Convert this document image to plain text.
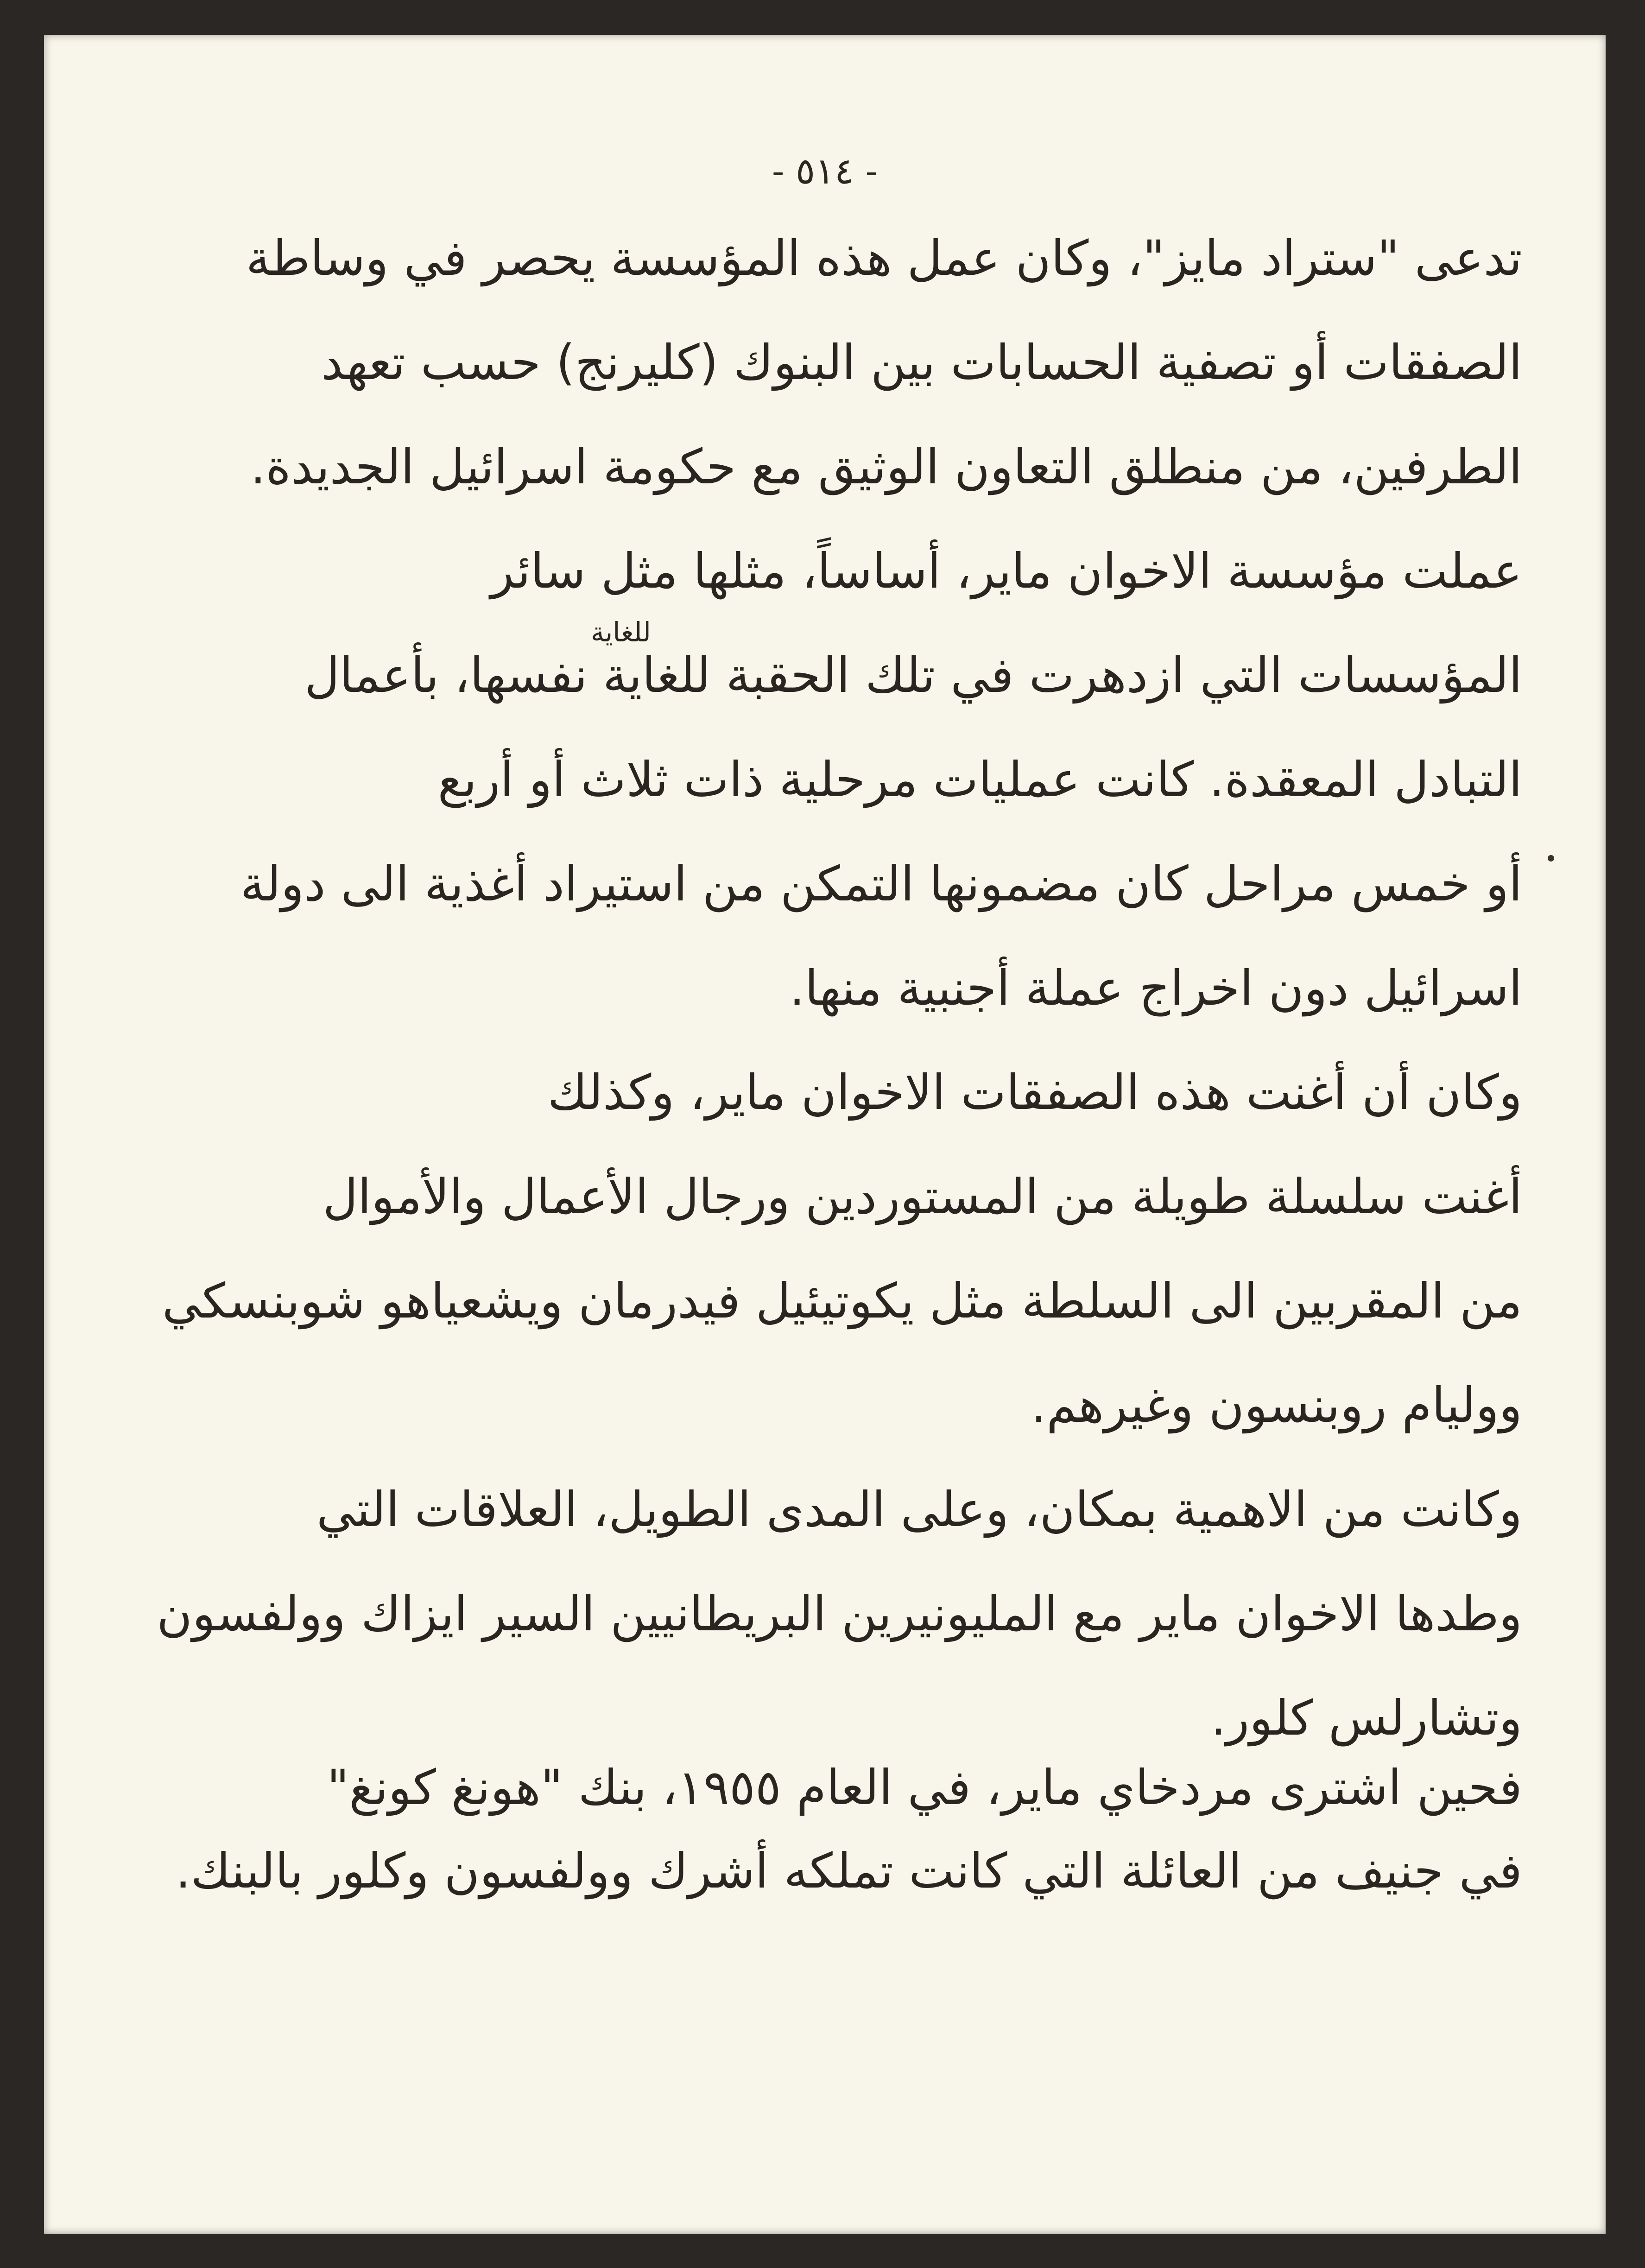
- ٥١٤ -
تدعى "ستراد مايز"، وكان عمل هذه المؤسسة يحصر في وساطة
الصفقات أو تصفية الحسابات بين البنوك (كليرنج) حسب تعهد
الطرفين، من منطلق التعاون الوثيق مع حكومة اسرائيل الجديدة.
عملت مؤسسة الاخوان ماير، أساساً، مثلها مثل سائر
المؤسسات التي ازدهرت في تلك الحقبة للغاية نفسها، بأعمال
التبادل المعقدة. كانت عمليات مرحلية ذات ثلاث أو أربع
أو خمس مراحل كان مضمونها التمكن من استيراد أغذية الى دولة
اسرائيل دون اخراج عملة أجنبية منها.
وكان أن أغنت هذه الصفقات الاخوان ماير، وكذلك
أغنت سلسلة طويلة من المستوردين ورجال الأعمال والأموال
من المقربين الى السلطة مثل يكوتيئيل فيدرمان ويشعياهو شوبنسكي
ووليام روبنسون وغيرهم.
وكانت من الاهمية بمكان، وعلى المدى الطويل، العلاقات التي
وطدها الاخوان ماير مع المليونيرين البريطانيين السير ايزاك وولفسون
وتشارلس كلور.
فحين اشترى مردخاي ماير، في العام ١٩٥٥، بنك "هونغ كونغ"
في جنيف من العائلة التي كانت تملكه أشرك وولفسون وكلور بالبنك.
للغاية
